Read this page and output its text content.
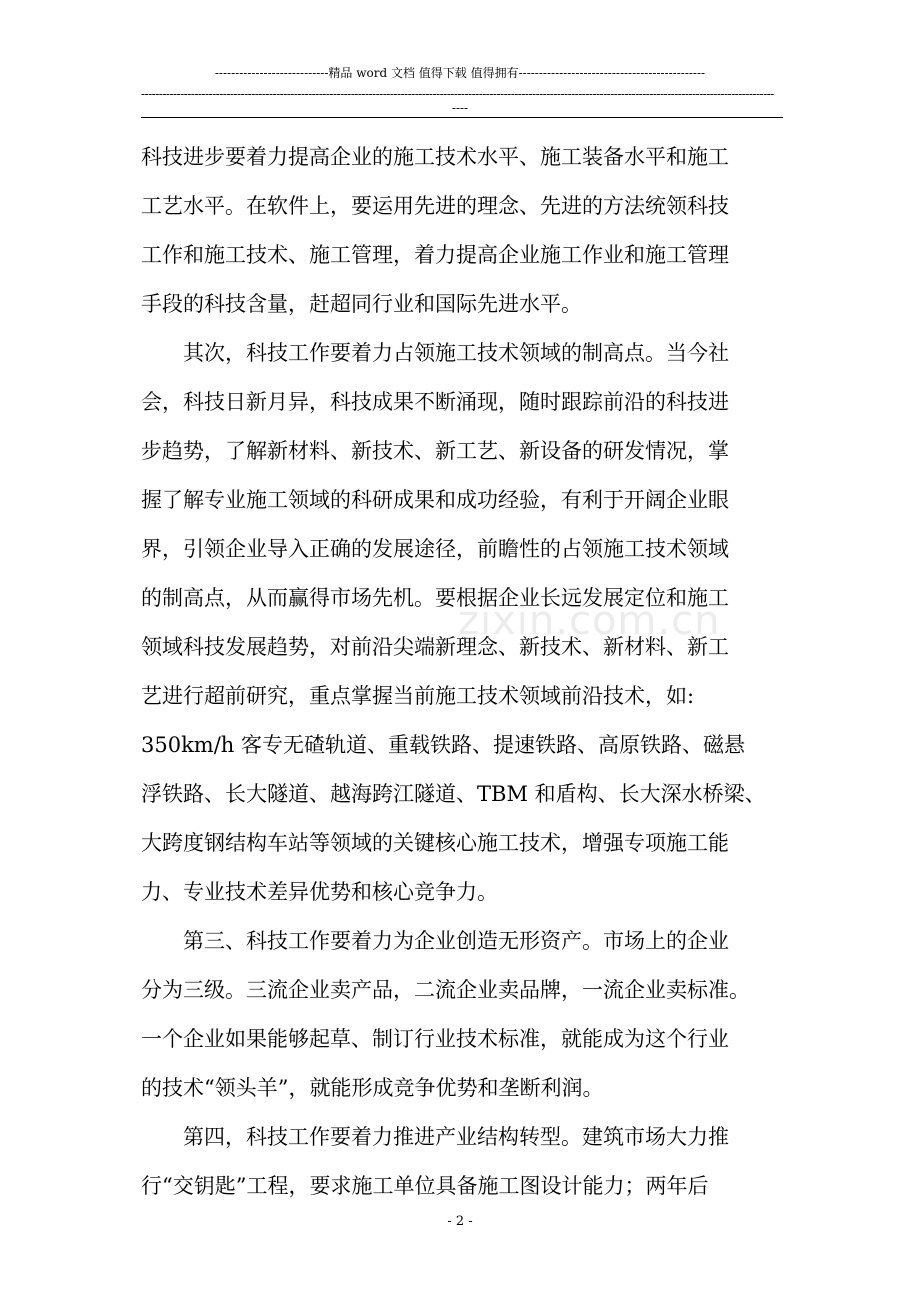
----------------------------精品 word 文档 值得下载 值得拥有----------------------------------------------
----------------------------------------------------------------------------------------------------------------------------------------------------------------------------------
----
科技进步要着力提高企业的施工技术水平、施工装备水平和施工
工艺水平。在软件上，要运用先进的理念、先进的方法统领科技
工作和施工技术、施工管理，着力提高企业施工作业和施工管理
手段的科技含量，赶超同行业和国际先进水平。
　　其次，科技工作要着力占领施工技术领域的制高点。当今社
会，科技日新月异，科技成果不断涌现，随时跟踪前沿的科技进
步趋势，了解新材料、新技术、新工艺、新设备的研发情况，掌
握了解专业施工领域的科研成果和成功经验，有利于开阔企业眼
界，引领企业导入正确的发展途径，前瞻性的占领施工技术领域
的制高点，从而赢得市场先机。要根据企业长远发展定位和施工
领域科技发展趋势，对前沿尖端新理念、新技术、新材料、新工
艺进行超前研究，重点掌握当前施工技术领域前沿技术，如:
350km/h 客专无碴轨道、重载铁路、提速铁路、高原铁路、磁悬
浮铁路、长大隧道、越海跨江隧道、TBM 和盾构、长大深水桥梁、
大跨度钢结构车站等领域的关键核心施工技术，增强专项施工能
力、专业技术差异优势和核心竞争力。
　　第三、科技工作要着力为企业创造无形资产。市场上的企业
分为三级。三流企业卖产品，二流企业卖品牌，一流企业卖标准。
一个企业如果能够起草、制订行业技术标准，就能成为这个行业
的技术“领头羊”，就能形成竞争优势和垄断利润。
　　第四，科技工作要着力推进产业结构转型。建筑市场大力推
行“交钥匙”工程，要求施工单位具备施工图设计能力；两年后
zixin.com.cn
- 2 -
